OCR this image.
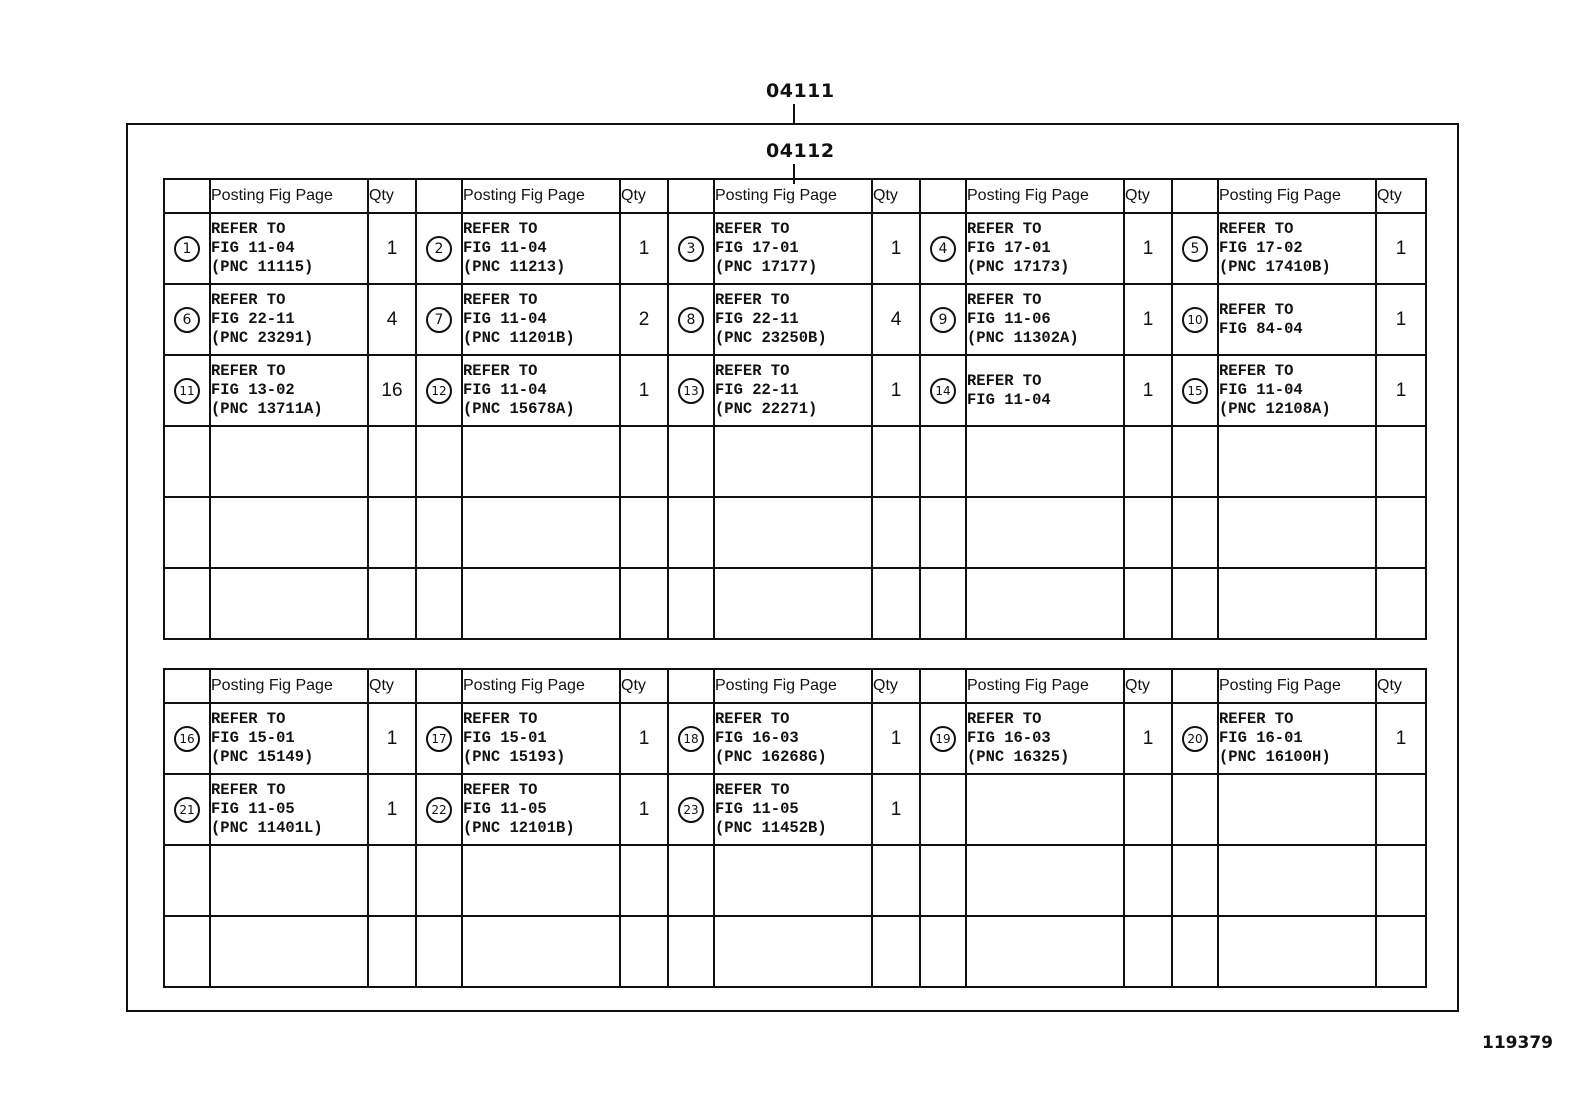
04111
04112
	Posting Fig Page	Qty		Posting Fig Page	Qty		Posting Fig Page	Qty		Posting Fig Page	Qty		Posting Fig Page	Qty
1	REFER TO
FIG 11-04
(PNC 11115)	1	2	REFER TO
FIG 11-04
(PNC 11213)	1	3	REFER TO
FIG 17-01
(PNC 17177)	1	4	REFER TO
FIG 17-01
(PNC 17173)	1	5	REFER TO
FIG 17-02
(PNC 17410B)	1
6	REFER TO
FIG 22-11
(PNC 23291)	4	7	REFER TO
FIG 11-04
(PNC 11201B)	2	8	REFER TO
FIG 22-11
(PNC 23250B)	4	9	REFER TO
FIG 11-06
(PNC 11302A)	1	10	REFER TO
FIG 84-04	1
11	REFER TO
FIG 13-02
(PNC 13711A)	16	12	REFER TO
FIG 11-04
(PNC 15678A)	1	13	REFER TO
FIG 22-11
(PNC 22271)	1	14	REFER TO
FIG 11-04	1	15	REFER TO
FIG 11-04
(PNC 12108A)	1

	Posting Fig Page	Qty		Posting Fig Page	Qty		Posting Fig Page	Qty		Posting Fig Page	Qty		Posting Fig Page	Qty
16	REFER TO
FIG 15-01
(PNC 15149)	1	17	REFER TO
FIG 15-01
(PNC 15193)	1	18	REFER TO
FIG 16-03
(PNC 16268G)	1	19	REFER TO
FIG 16-03
(PNC 16325)	1	20	REFER TO
FIG 16-01
(PNC 16100H)	1
21	REFER TO
FIG 11-05
(PNC 11401L)	1	22	REFER TO
FIG 11-05
(PNC 12101B)	1	23	REFER TO
FIG 11-05
(PNC 11452B)	1						

119379
